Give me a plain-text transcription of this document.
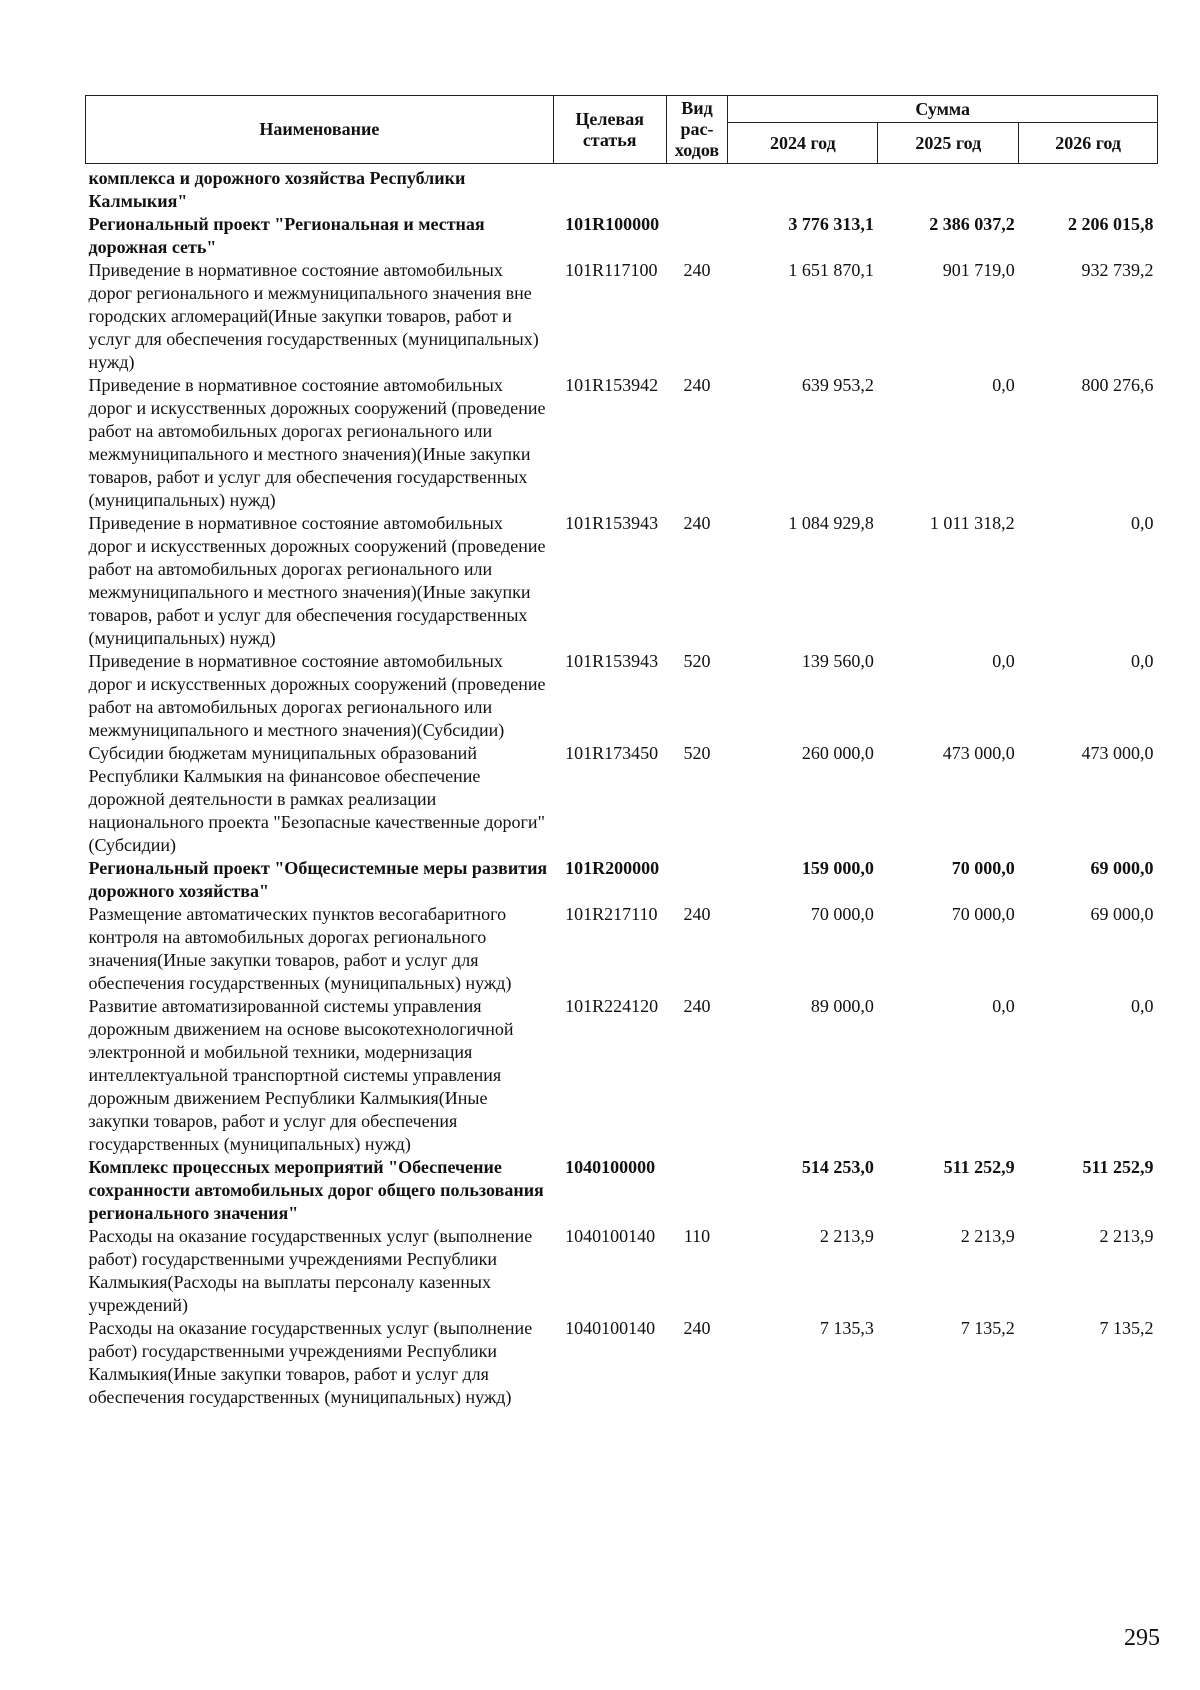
Наименование	Целевая статья	Вид рас-ходов	Сумма		
			2024 год	2025 год	2026 год
комплекса и дорожного хозяйства Республики Калмыкия"					
Региональный проект "Региональная и местная дорожная сеть"	101R100000		3 776 313,1	2 386 037,2	2 206 015,8
Приведение в нормативное состояние автомобильных дорог регионального и межмуниципального значения вне городских агломераций(Иные закупки товаров, работ и услуг для обеспечения государственных (муниципальных) нужд)	101R117100	240	1 651 870,1	901 719,0	932 739,2
Приведение в нормативное состояние автомобильных дорог и искусственных дорожных сооружений (проведение работ на автомобильных дорогах регионального или межмуниципального и местного значения)(Иные закупки товаров, работ и услуг для обеспечения государственных (муниципальных) нужд)	101R153942	240	639 953,2	0,0	800 276,6
Приведение в нормативное состояние автомобильных дорог и искусственных дорожных сооружений (проведение работ на автомобильных дорогах регионального или межмуниципального и местного значения)(Иные закупки товаров, работ и услуг для обеспечения государственных (муниципальных) нужд)	101R153943	240	1 084 929,8	1 011 318,2	0,0
Приведение в нормативное состояние автомобильных дорог и искусственных дорожных сооружений (проведение работ на автомобильных дорогах регионального или межмуниципального и местного значения)(Субсидии)	101R153943	520	139 560,0	0,0	0,0
Субсидии бюджетам муниципальных образований Республики Калмыкия на финансовое обеспечение дорожной деятельности в рамках реализации национального проекта "Безопасные качественные дороги"(Субсидии)	101R173450	520	260 000,0	473 000,0	473 000,0
Региональный проект "Общесистемные меры развития дорожного хозяйства"	101R200000		159 000,0	70 000,0	69 000,0
Размещение автоматических пунктов весогабаритного контроля на автомобильных дорогах регионального значения(Иные закупки товаров, работ и услуг для обеспечения государственных (муниципальных) нужд)	101R217110	240	70 000,0	70 000,0	69 000,0
Развитие автоматизированной системы управления дорожным движением на основе высокотехнологичной электронной и мобильной техники, модернизация интеллектуальной транспортной системы управления дорожным движением Республики Калмыкия(Иные закупки товаров, работ и услуг для обеспечения государственных (муниципальных) нужд)	101R224120	240	89 000,0	0,0	0,0
Комплекс процессных мероприятий "Обеспечение сохранности автомобильных дорог общего пользования регионального значения"	1040100000		514 253,0	511 252,9	511 252,9
Расходы на оказание государственных услуг (выполнение работ) государственными учреждениями Республики Калмыкия(Расходы на выплаты персоналу казенных учреждений)	1040100140	110	2 213,9	2 213,9	2 213,9
Расходы на оказание государственных услуг (выполнение работ) государственными учреждениями Республики Калмыкия(Иные закупки товаров, работ и услуг для обеспечения государственных (муниципальных) нужд)	1040100140	240	7 135,3	7 135,2	7 135,2
295
